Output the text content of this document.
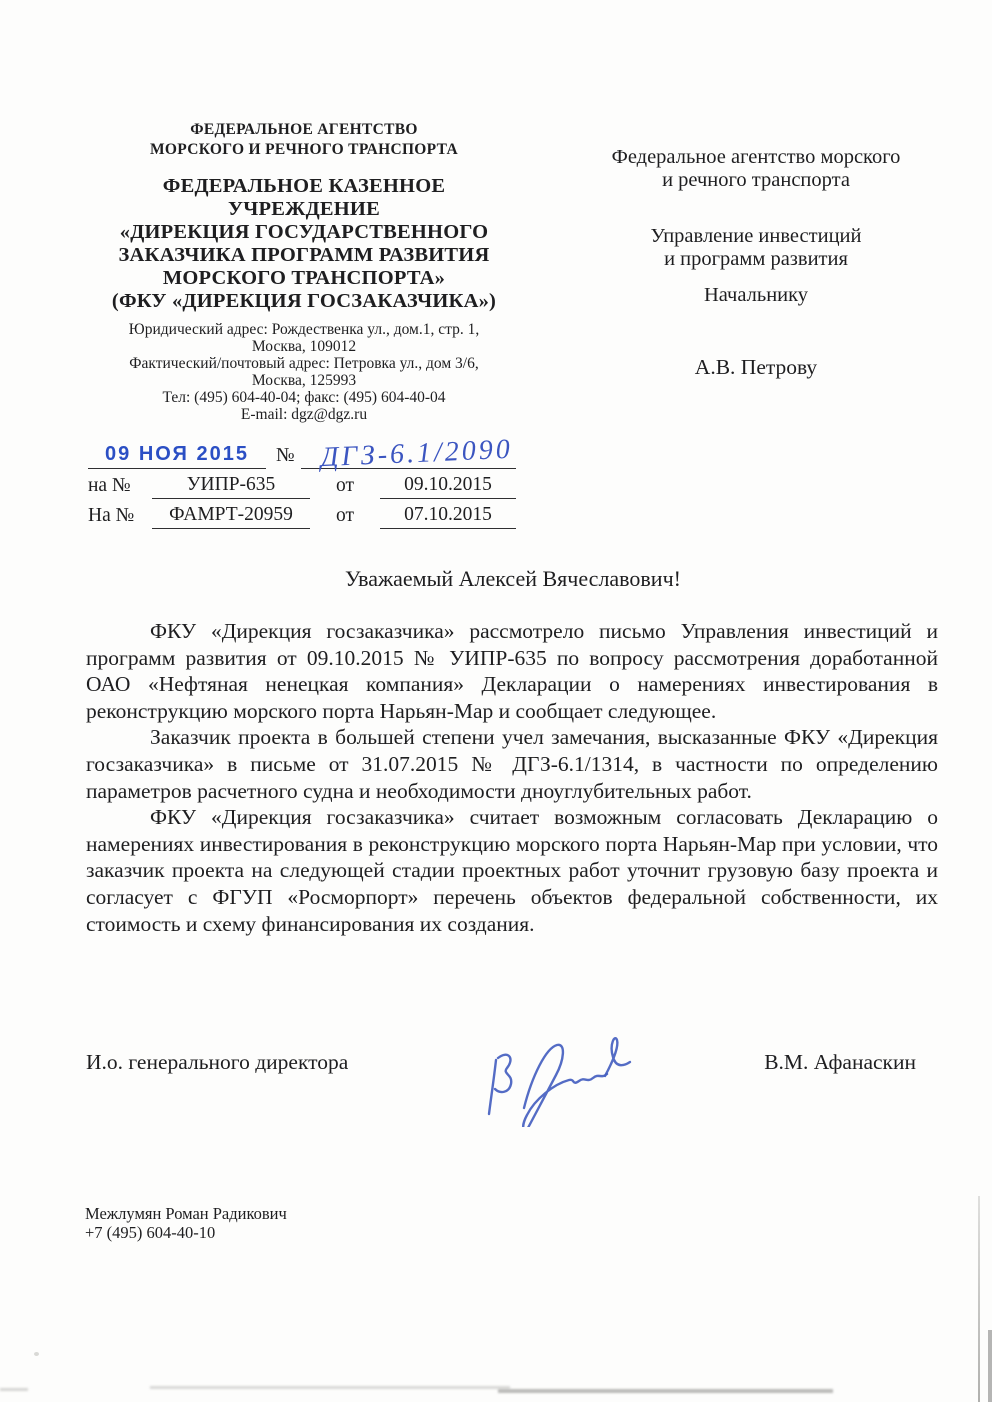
ФЕДЕРАЛЬНОЕ АГЕНТСТВО
МОРСКОГО И РЕЧНОГО ТРАНСПОРТА
ФЕДЕРАЛЬНОЕ КАЗЕННОЕ
УЧРЕЖДЕНИЕ
«ДИРЕКЦИЯ ГОСУДАРСТВЕННОГО
ЗАКАЗЧИКА ПРОГРАММ РАЗВИТИЯ
МОРСКОГО ТРАНСПОРТА»
(ФКУ «ДИРЕКЦИЯ ГОСЗАКАЗЧИКА»)
Юридический адрес: Рождественка ул., дом.1, стр. 1,
Москва, 109012
Фактический/почтовый адрес: Петровка ул., дом 3/6,
Москва, 125993
Тел: (495) 604-40-04; факс: (495) 604-40-04
E-mail: dgz@dgz.ru
Федеральное агентство морского
и речного транспорта
Управление инвестиций
и программ развития
Начальнику
А.В. Петрову
09 НОЯ 2015	№ ДГЗ-6.1/2090
на №	УИПР-635	от	09.10.2015
На №	ФАМРТ-20959	от	07.10.2015
Уважаемый Алексей Вячеславович!

ФКУ «Дирекция госзаказчика» рассмотрело письмо Управления инвестиций и программ развития от 09.10.2015 № УИПР-635 по вопросу рассмотрения доработанной ОАО «Нефтяная ненецкая компания» Декларации о намерениях инвестирования в реконструкцию морского порта Нарьян-Мар и сообщает следующее.

Заказчик проекта в большей степени учел замечания, высказанные ФКУ «Дирекция госзаказчика» в письме от 31.07.2015 № ДГЗ-6.1/1314, в частности по определению параметров расчетного судна и необходимости дноуглубительных работ.

ФКУ «Дирекция госзаказчика» считает возможным согласовать Декларацию о намерениях инвестирования в реконструкцию морского порта Нарьян-Мар при условии, что заказчик проекта на следующей стадии проектных работ уточнит грузовую базу проекта и согласует с ФГУП «Росморпорт» перечень объектов федеральной собственности, их стоимость и схему финансирования их создания.

И.о. генерального директора	В.М. Афанаскин
Межлумян Роман Радикович
+7 (495) 604-40-10
